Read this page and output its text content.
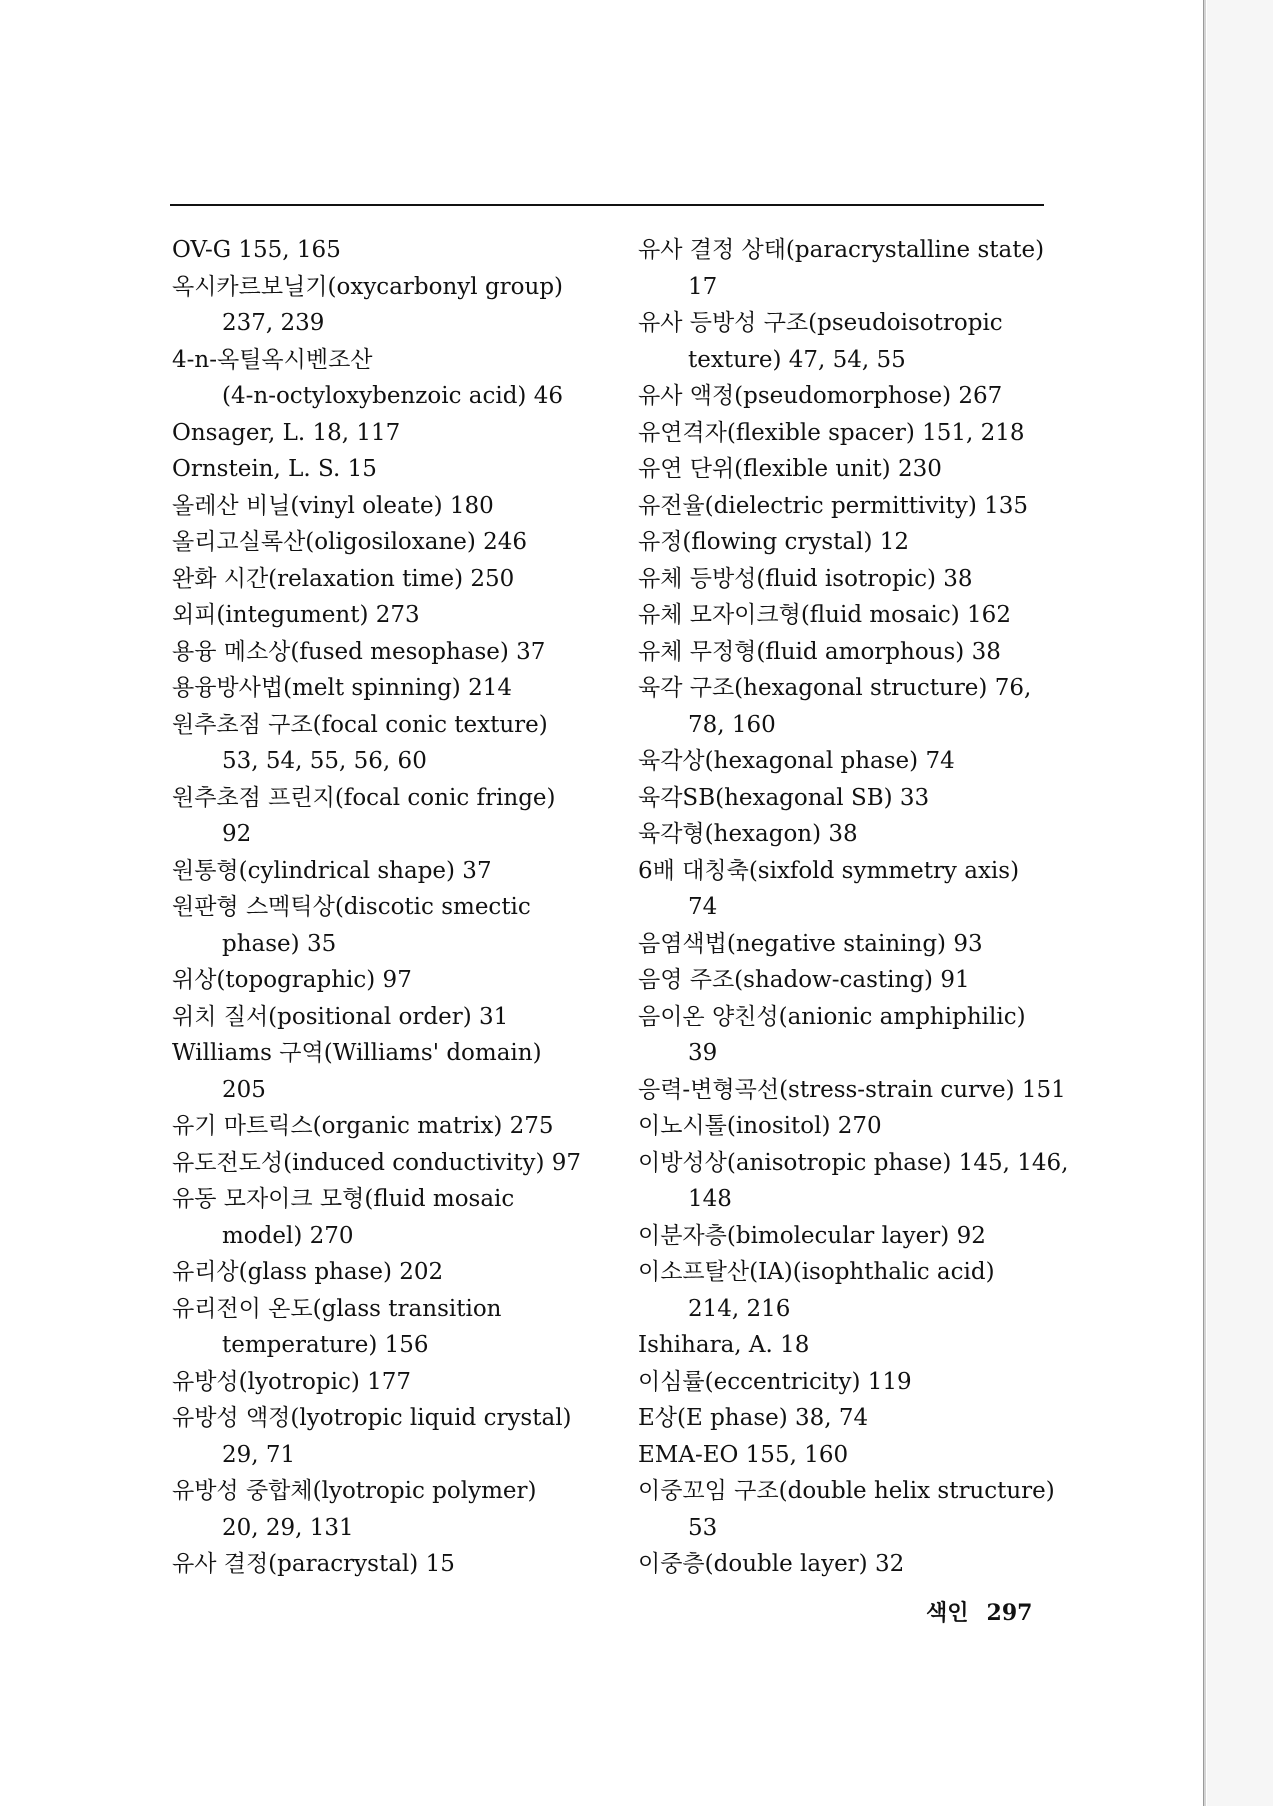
OV-G 155, 165
옥시카르보닐기(oxycarbonyl group)
237, 239
4-n-옥틸옥시벤조산
(4-n-octyloxybenzoic acid) 46
Onsager, L. 18, 117
Ornstein, L. S. 15
올레산 비닐(vinyl oleate) 180
올리고실록산(oligosiloxane) 246
완화 시간(relaxation time) 250
외피(integument) 273
용융 메소상(fused mesophase) 37
용융방사법(melt spinning) 214
원추초점 구조(focal conic texture)
53, 54, 55, 56, 60
원추초점 프린지(focal conic fringe)
92
원통형(cylindrical shape) 37
원판형 스멕틱상(discotic smectic
phase) 35
위상(topographic) 97
위치 질서(positional order) 31
Williams 구역(Williams' domain)
205
유기 마트릭스(organic matrix) 275
유도전도성(induced conductivity) 97
유동 모자이크 모형(fluid mosaic
model) 270
유리상(glass phase) 202
유리전이 온도(glass transition
temperature) 156
유방성(lyotropic) 177
유방성 액정(lyotropic liquid crystal)
29, 71
유방성 중합체(lyotropic polymer)
20, 29, 131
유사 결정(paracrystal) 15
유사 결정 상태(paracrystalline state)
17
유사 등방성 구조(pseudoisotropic
texture) 47, 54, 55
유사 액정(pseudomorphose) 267
유연격자(flexible spacer) 151, 218
유연 단위(flexible unit) 230
유전율(dielectric permittivity) 135
유정(flowing crystal) 12
유체 등방성(fluid isotropic) 38
유체 모자이크형(fluid mosaic) 162
유체 무정형(fluid amorphous) 38
육각 구조(hexagonal structure) 76,
78, 160
육각상(hexagonal phase) 74
육각SB(hexagonal SB) 33
육각형(hexagon) 38
6배 대칭축(sixfold symmetry axis)
74
음염색법(negative staining) 93
음영 주조(shadow-casting) 91
음이온 양친성(anionic amphiphilic)
39
응력-변형곡선(stress-strain curve) 151
이노시톨(inositol) 270
이방성상(anisotropic phase) 145, 146,
148
이분자층(bimolecular layer) 92
이소프탈산(IA)(isophthalic acid)
214, 216
Ishihara, A. 18
이심률(eccentricity) 119
E상(E phase) 38, 74
EMA-EO 155, 160
이중꼬임 구조(double helix structure)
53
이중층(double layer) 32
색인 297
